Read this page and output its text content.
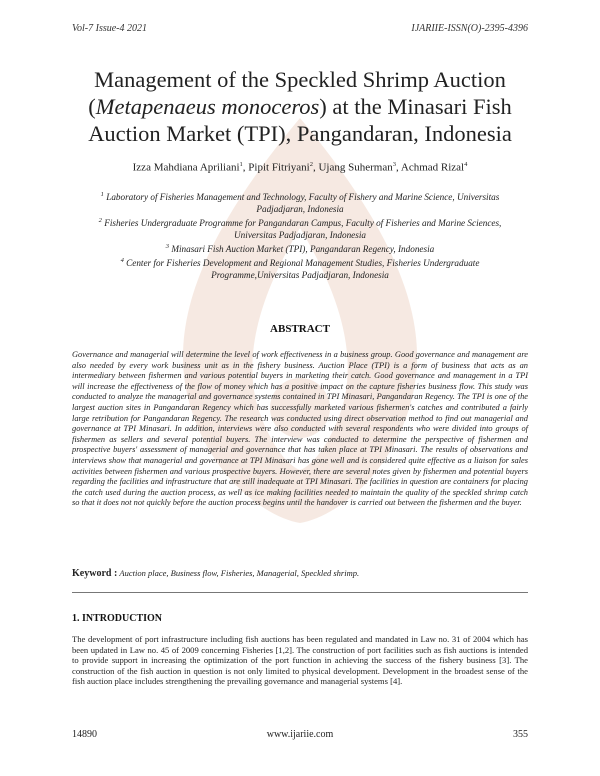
Vol-7 Issue-4 2021	IJARIIE-ISSN(O)-2395-4396
Management of the Speckled Shrimp Auction (Metapenaeus monoceros) at the Minasari Fish Auction Market (TPI), Pangandaran, Indonesia
Izza Mahdiana Apriliani$^1$, Pipit Fitriyani$^2$, Ujang Suherman$^3$, Achmad Rizal$^4$

$^1$ Laboratory of Fisheries Management and Technology, Faculty of Fishery and Marine Science, Universitas Padjadjaran, Indonesia

$^2$ Fisheries Undergraduate Programme for Pangandaran Campus, Faculty of Fisheries and Marine Sciences, Universitas Padjadjaran, Indonesia

$^3$ Minasari Fish Auction Market (TPI), Pangandaran Regency, Indonesia

$^4$ Center for Fisheries Development and Regional Management Studies, Fisheries Undergraduate Programme,Universitas Padjadjaran, Indonesia

ABSTRACT
Governance and managerial will determine the level of work effectiveness in a business group. Good governance and management are also needed by every work business unit as in the fishery business. Auction Place (TPI) is a form of business that acts as an intermediary between fishermen and various potential buyers in marketing their catch. Good governance and management in a TPI will increase the effectiveness of the flow of money which has a positive impact on the capture fisheries business flow. This study was conducted to analyze the managerial and governance systems contained in TPI Minasari, Pangandaran Regency. The TPI is one of the largest auction sites in Pangandaran Regency which has successfully marketed various fishermen's catches and contributed a fairly large retribution for Pangandaran Regency. The research was conducted using direct observation method to find out managerial and governance at TPI Minasari. In addition, interviews were also conducted with several respondents who were divided into groups of fishermen as sellers and several potential buyers. The interview was conducted to determine the perspective of fishermen and prospective buyers' assessment of managerial and governance that has taken place at TPI Minasari. The results of observations and interviews show that managerial and governance at TPI Minasari has gone well and is considered quite effective as a liaison for sales activities between fishermen and various prospective buyers. However, there are several notes given by fishermen and potential buyers regarding the facilities and infrastructure that are still inadequate at TPI Minasari. The facilities in question are containers for placing the catch used during the auction process, as well as ice making facilities needed to maintain the quality of the speckled shrimp catch so that it does not not quickly before the auction process begins until the handover is carried out between the fishermen and the buyer.
Keyword : Auction place, Business flow, Fisheries, Managerial, Speckled shrimp.
1. INTRODUCTION
The development of port infrastructure including fish auctions has been regulated and mandated in Law no. 31 of 2004 which has been updated in Law no. 45 of 2009 concerning Fisheries [1,2]. The construction of port facilities such as fish auctions is intended to provide support in increasing the optimization of the port function in achieving the success of the fishery business [3]. The construction of the fish auction in question is not only limited to physical development. Development in the broadest sense of the fish auction place includes strengthening the prevailing governance and managerial systems [4].
14890	www.ijariie.com	355
